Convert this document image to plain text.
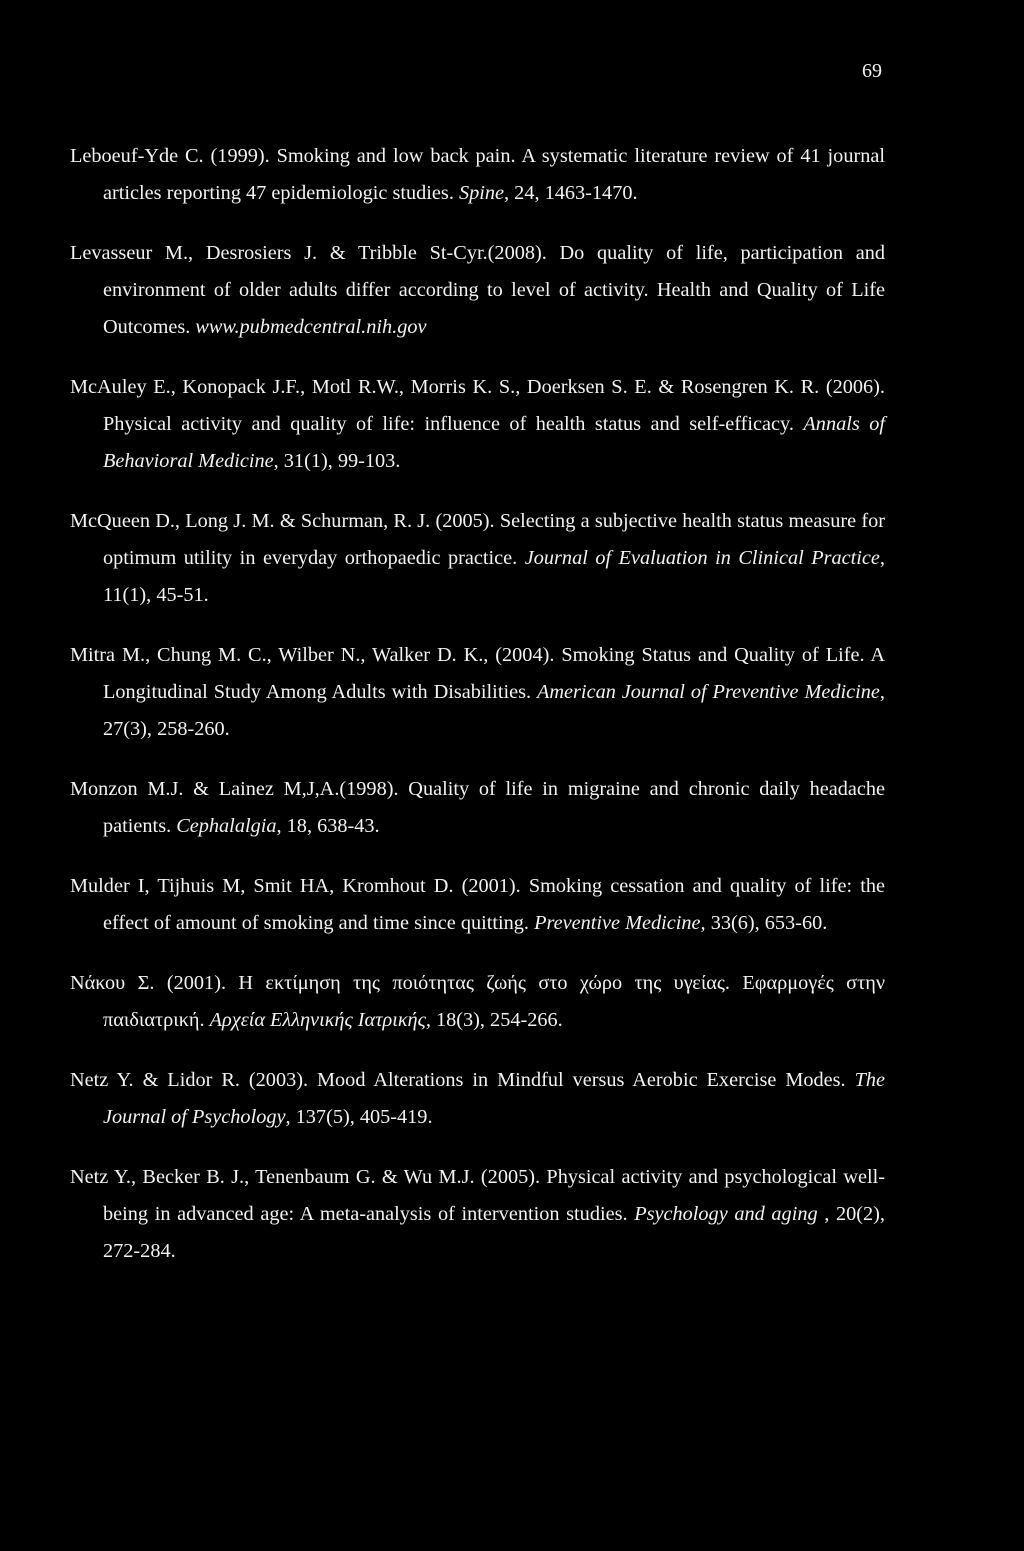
69

Leboeuf-Yde C. (1999). Smoking and low back pain. A systematic literature review of 41 journal articles reporting 47 epidemiologic studies. Spine, 24, 1463-1470.

Levasseur M., Desrosiers J. & Tribble St-Cyr.(2008). Do quality of life, participation and environment of older adults differ according to level of activity. Health and Quality of Life Outcomes. www.pubmedcentral.nih.gov

McAuley E., Konopack J.F., Motl R.W., Morris K. S., Doerksen S. E. & Rosengren K. R. (2006). Physical activity and quality of life: influence of health status and self-efficacy. Annals of Behavioral Medicine, 31(1), 99-103.

McQueen D., Long J. M. & Schurman, R. J. (2005). Selecting a subjective health status measure for optimum utility in everyday orthopaedic practice. Journal of Evaluation in Clinical Practice, 11(1), 45-51.

Mitra M., Chung M. C., Wilber N., Walker D. K., (2004). Smoking Status and Quality of Life. A Longitudinal Study Among Adults with Disabilities. American Journal of Preventive Medicine, 27(3), 258-260.

Monzon M.J. & Lainez M,J,A.(1998). Quality of life in migraine and chronic daily headache patients. Cephalalgia, 18, 638-43.

Mulder I, Tijhuis M, Smit HA, Kromhout D. (2001). Smoking cessation and quality of life: the effect of amount of smoking and time since quitting. Preventive Medicine, 33(6), 653-60.

Νάκου Σ. (2001). Η εκτίμηση της ποιότητας ζωής στο χώρο της υγείας. Εφαρμογές στην παιδιατρική. Αρχεία Ελληνικής Ιατρικής, 18(3), 254-266.

Netz Y. & Lidor R. (2003). Mood Alterations in Mindful versus Aerobic Exercise Modes. The Journal of Psychology, 137(5), 405-419.

Netz Y., Becker B. J., Tenenbaum G. & Wu M.J. (2005). Physical activity and psychological well-being in advanced age: A meta-analysis of intervention studies. Psychology and aging , 20(2), 272-284.
